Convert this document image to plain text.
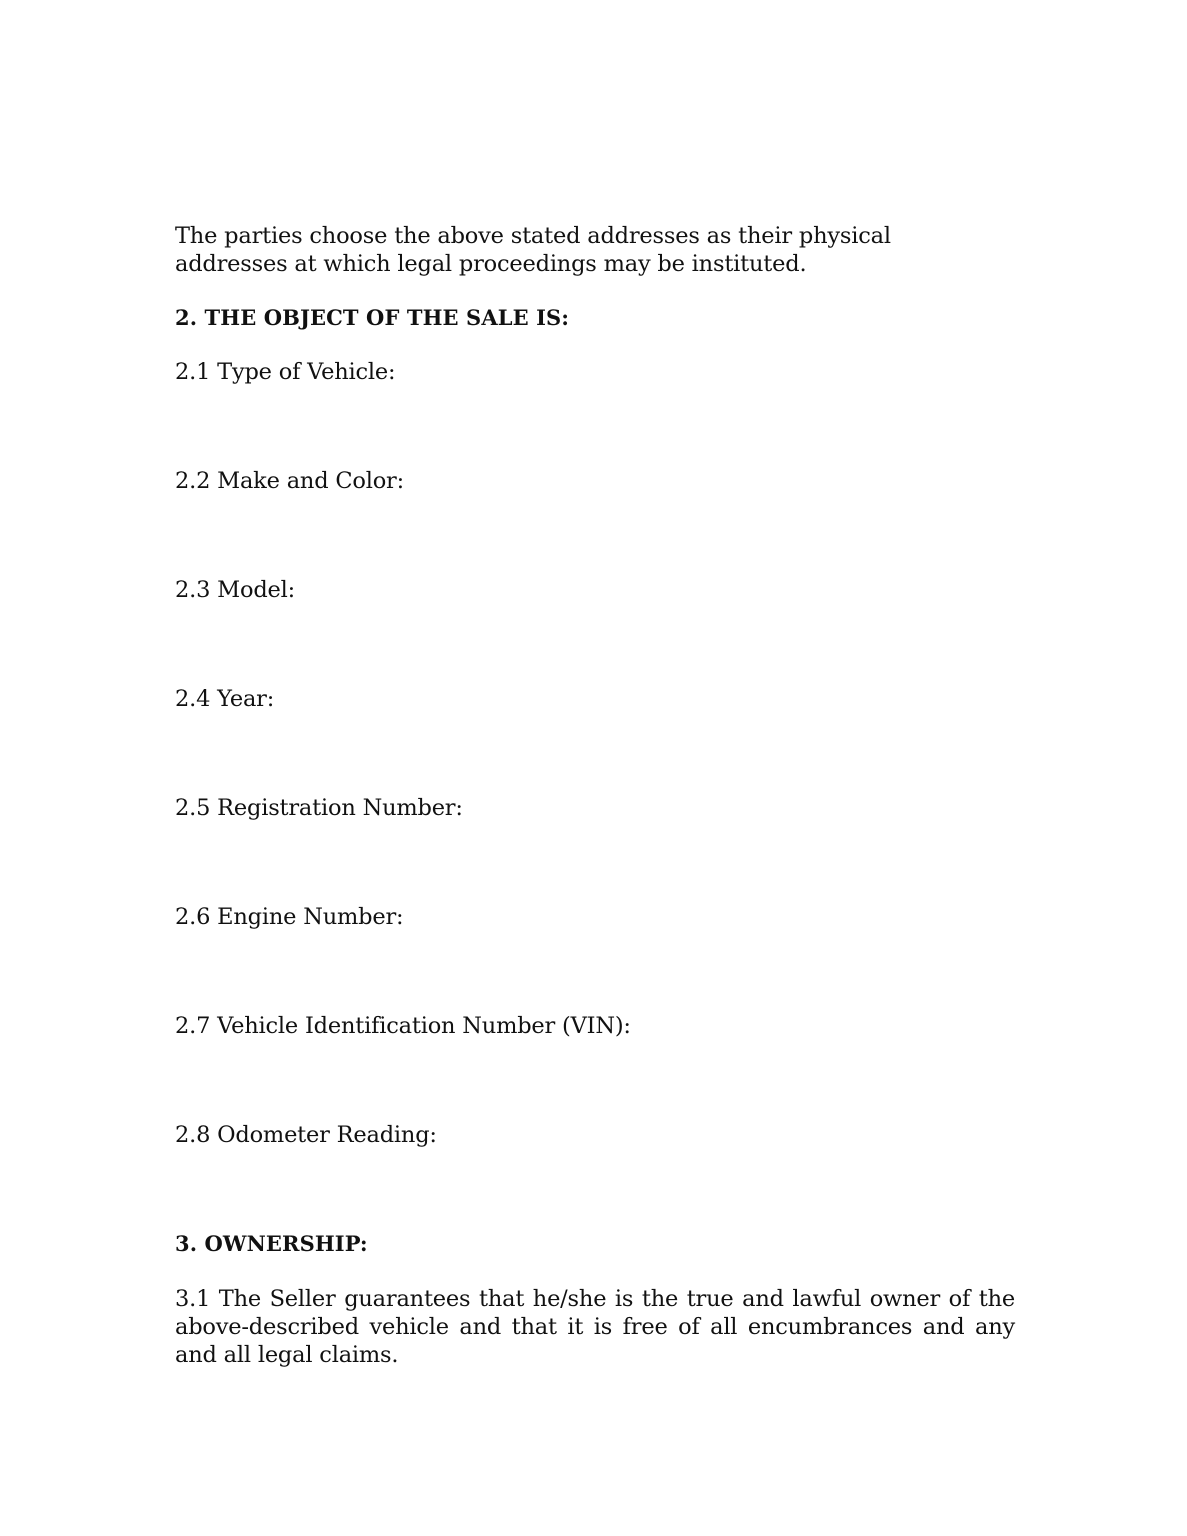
The parties choose the above stated addresses as their physical
addresses at which legal proceedings may be instituted.

2. THE OBJECT OF THE SALE IS:

2.1 Type of Vehicle:

2.2 Make and Color:

2.3 Model:

2.4 Year:

2.5 Registration Number:

2.6 Engine Number:

2.7 Vehicle Identification Number (VIN):

2.8 Odometer Reading:

3. OWNERSHIP:

3.1 The Seller guarantees that he/she is the true and lawful owner of the
above-described vehicle and that it is free of all encumbrances and any
and all legal claims.
